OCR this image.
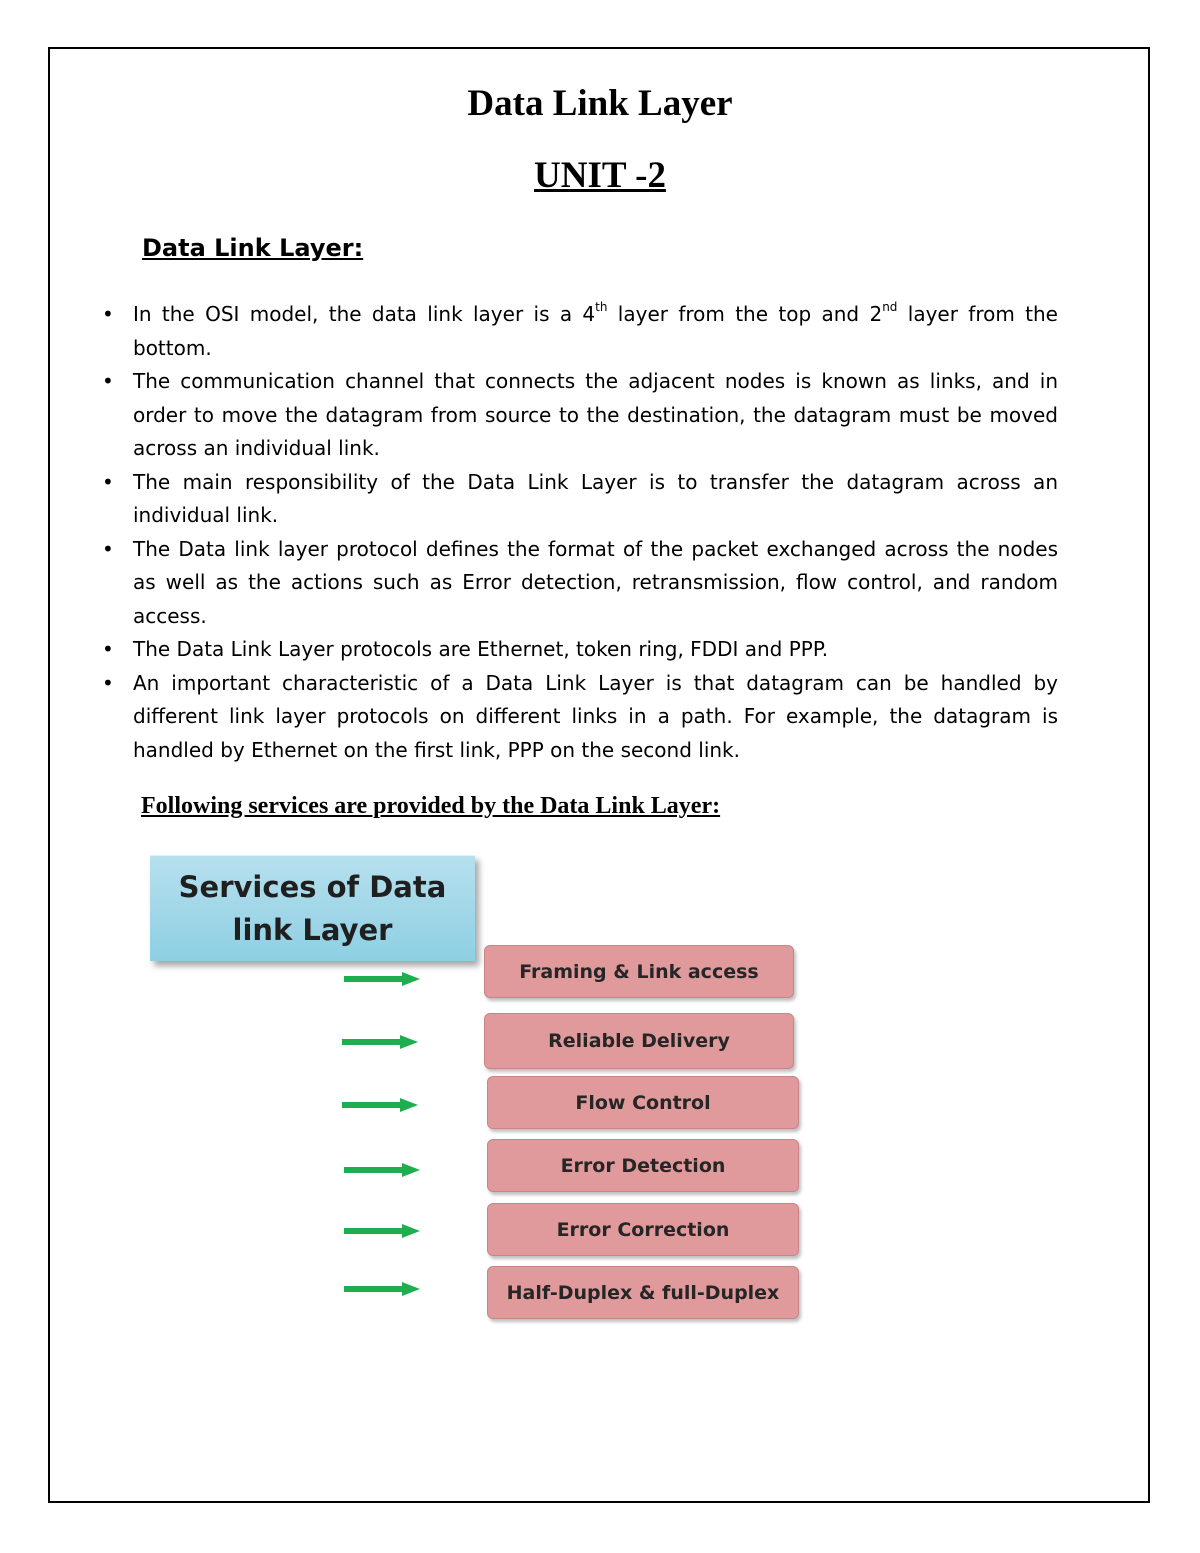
Data Link Layer
UNIT -2
Data Link Layer:
• In the OSI model, the data link layer is a 4th layer from the top and 2nd layer from the bottom.
• The communication channel that connects the adjacent nodes is known as links, and in order to move the datagram from source to the destination, the datagram must be moved across an individual link.
• The main responsibility of the Data Link Layer is to transfer the datagram across an individual link.
• The Data link layer protocol defines the format of the packet exchanged across the nodes as well as the actions such as Error detection, retransmission, flow control, and random access.
• The Data Link Layer protocols are Ethernet, token ring, FDDI and PPP.
• An important characteristic of a Data Link Layer is that datagram can be handled by different link layer protocols on different links in a path. For example, the datagram is handled by Ethernet on the first link, PPP on the second link.
Following services are provided by the Data Link Layer:
Services of Data
link Layer
Framing & Link access
Reliable Delivery
Flow Control
Error Detection
Error Correction
Half-Duplex & full-Duplex
